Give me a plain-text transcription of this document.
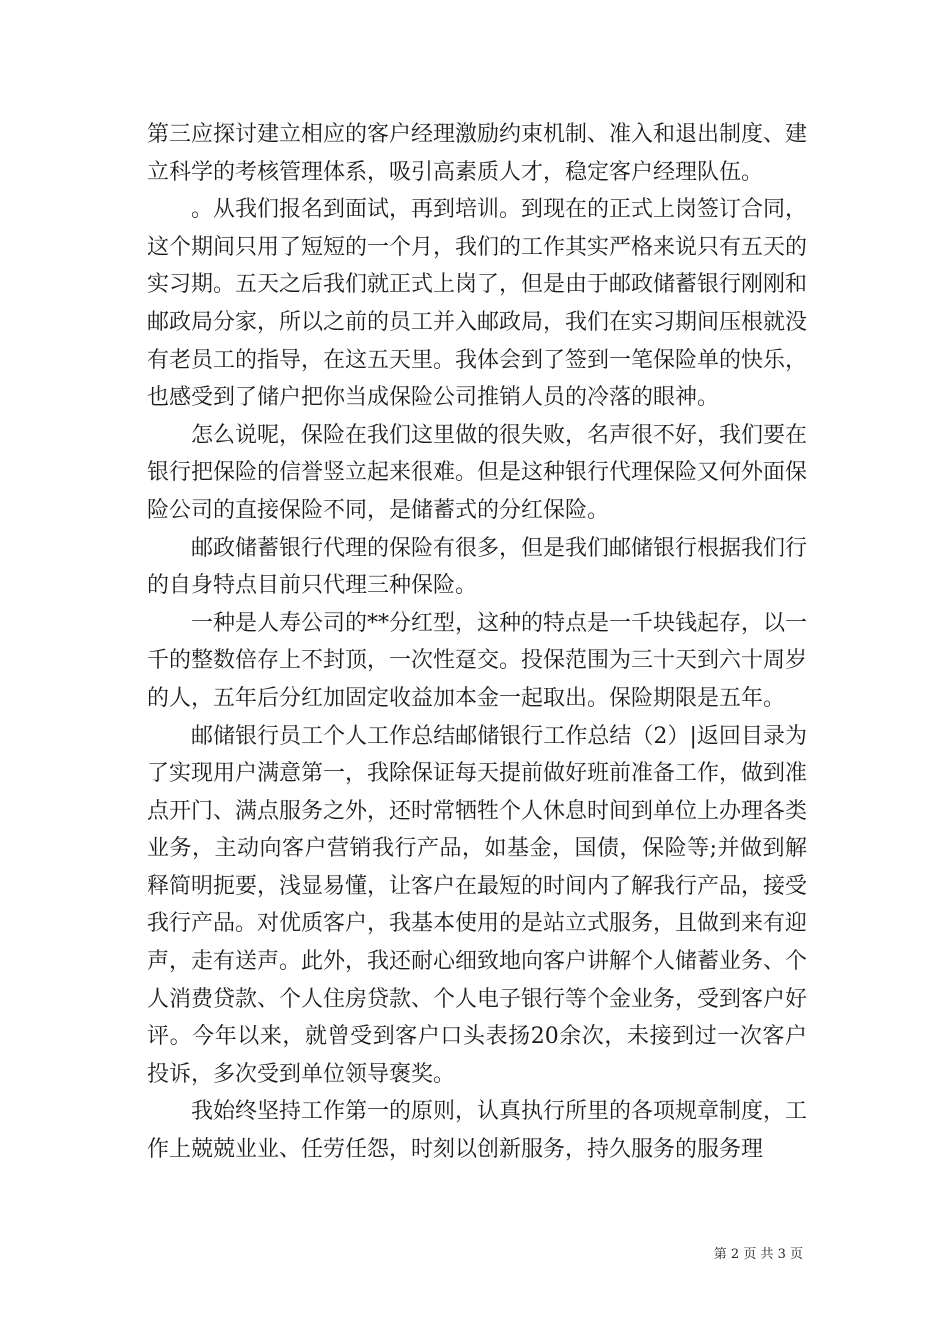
第三应探讨建立相应的客户经理激励约束机制、准入和退出制度、建立科学的考核管理体系，吸引高素质人才，稳定客户经理队伍。

。从我们报名到面试，再到培训。到现在的正式上岗签订合同，这个期间只用了短短的一个月，我们的工作其实严格来说只有五天的实习期。五天之后我们就正式上岗了，但是由于邮政储蓄银行刚刚和邮政局分家，所以之前的员工并入邮政局，我们在实习期间压根就没有老员工的指导，在这五天里。我体会到了签到一笔保险单的快乐，也感受到了储户把你当成保险公司推销人员的冷落的眼神。

怎么说呢，保险在我们这里做的很失败，名声很不好，我们要在银行把保险的信誉竖立起来很难。但是这种银行代理保险又何外面保险公司的直接保险不同，是储蓄式的分红保险。

邮政储蓄银行代理的保险有很多，但是我们邮储银行根据我们行的自身特点目前只代理三种保险。

一种是人寿公司的**分红型，这种的特点是一千块钱起存，以一千的整数倍存上不封顶，一次性趸交。投保范围为三十天到六十周岁的人，五年后分红加固定收益加本金一起取出。保险期限是五年。

邮储银行员工个人工作总结邮储银行工作总结（2）|返回目录为了实现用户满意第一，我除保证每天提前做好班前准备工作，做到准点开门、满点服务之外，还时常牺牲个人休息时间到单位上办理各类业务，主动向客户营销我行产品，如基金，国债，保险等;并做到解释简明扼要，浅显易懂，让客户在最短的时间内了解我行产品，接受我行产品。对优质客户，我基本使用的是站立式服务，且做到来有迎声，走有送声。此外，我还耐心细致地向客户讲解个人储蓄业务、个人消费贷款、个人住房贷款、个人电子银行等个金业务，受到客户好评。今年以来，就曾受到客户口头表扬20余次，未接到过一次客户投诉，多次受到单位领导褒奖。

我始终坚持工作第一的原则，认真执行所里的各项规章制度，工作上兢兢业业、任劳任怨，时刻以创新服务，持久服务的服务理

第 2 页 共 3 页
